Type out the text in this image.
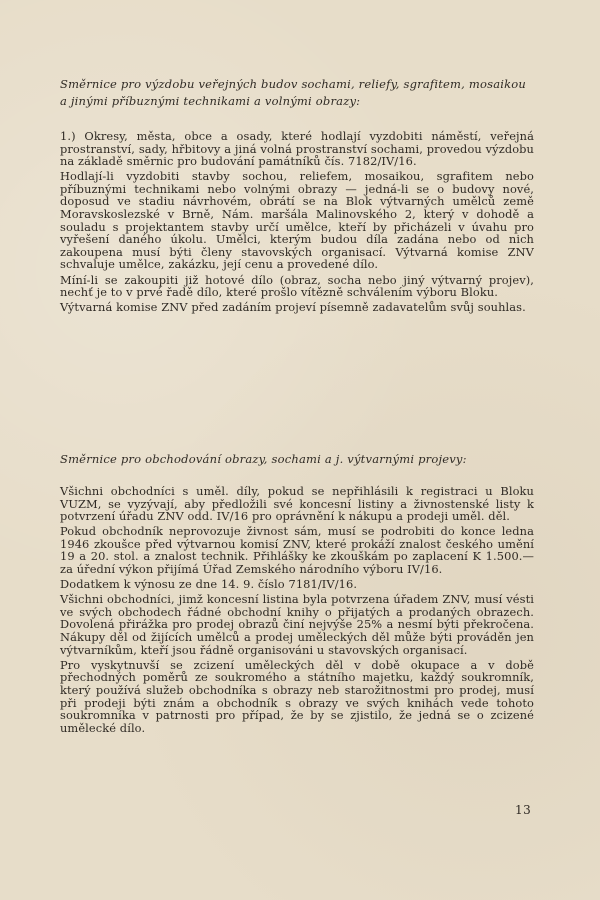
Směrnice pro výzdobu veřejných budov sochami, reliefy, sgrafitem, mosaikou a jinými příbuznými technikami a volnými obrazy:

1.) Okresy, města, obce a osady, které hodlají vyzdobiti náměstí, veřejná prostranství, sady, hřbitovy a jiná volná prostranství sochami, provedou výzdobu na základě směrnic pro budování památníků čís. 7182/IV/16.

Hodlají-li vyzdobiti stavby sochou, reliefem, mosaikou, sgrafitem nebo příbuznými technikami nebo volnými obrazy — jedná-li se o budovy nové, doposud ve stadiu návrhovém, obrátí se na Blok výtvarných umělců země Moravskoslezské v Brně, Nám. maršála Malinovského 2, který v dohodě a souladu s projektantem stavby určí umělce, kteří by přicházeli v úvahu pro vyřešení daného úkolu. Umělci, kterým budou díla zadána nebo od nich zakoupena musí býti členy stavovských organisací. Výtvarná komise ZNV schvaluje umělce, zakázku, její cenu a provedené dílo.

Míní-li se zakoupiti již hotové dílo (obraz, socha nebo jiný výtvarný projev), nechť je to v prvé řadě dílo, které prošlo vítězně schválením výboru Bloku.

Výtvarná komise ZNV před zadáním projeví písemně zadavatelům svůj souhlas.

Směrnice pro obchodování obrazy, sochami a j. výtvarnými projevy:

Všichni obchodníci s uměl. díly, pokud se nepřihlásili k registraci u Bloku VUZM, se vyzývají, aby předložili své koncesní listiny a živnostenské listy k potvrzení úřadu ZNV odd. IV/16 pro oprávnění k nákupu a prodeji uměl. děl.

Pokud obchodník neprovozuje živnost sám, musí se podrobiti do konce ledna 1946 zkoušce před výtvarnou komisí ZNV, které prokáží znalost českého umění 19 a 20. stol. a znalost technik. Přihlášky ke zkouškám po zaplacení K 1.500.— za úřední výkon přijímá Úřad Zemského národního výboru IV/16.

Dodatkem k výnosu ze dne 14. 9. číslo 7181/IV/16.

Všichni obchodníci, jimž koncesní listina byla potvrzena úřadem ZNV, musí vésti ve svých obchodech řádné obchodní knihy o přijatých a prodaných obrazech. Dovolená přirážka pro prodej obrazů činí nejvýše 25% a nesmí býti překročena. Nákupy děl od žijících umělců a prodej uměleckých děl může býti prováděn jen výtvarníkům, kteří jsou řádně organisováni u stavovských organisací.

Pro vyskytnuvší se zcizení uměleckých děl v době okupace a v době přechodných poměrů ze soukromého a státního majetku, každý soukromník, který používá služeb obchodníka s obrazy neb starožitnostmi pro prodej, musí při prodeji býti znám a obchodník s obrazy ve svých knihách vede tohoto soukromníka v patrnosti pro případ, že by se zjistilo, že jedná se o zcizené umělecké dílo.

13
